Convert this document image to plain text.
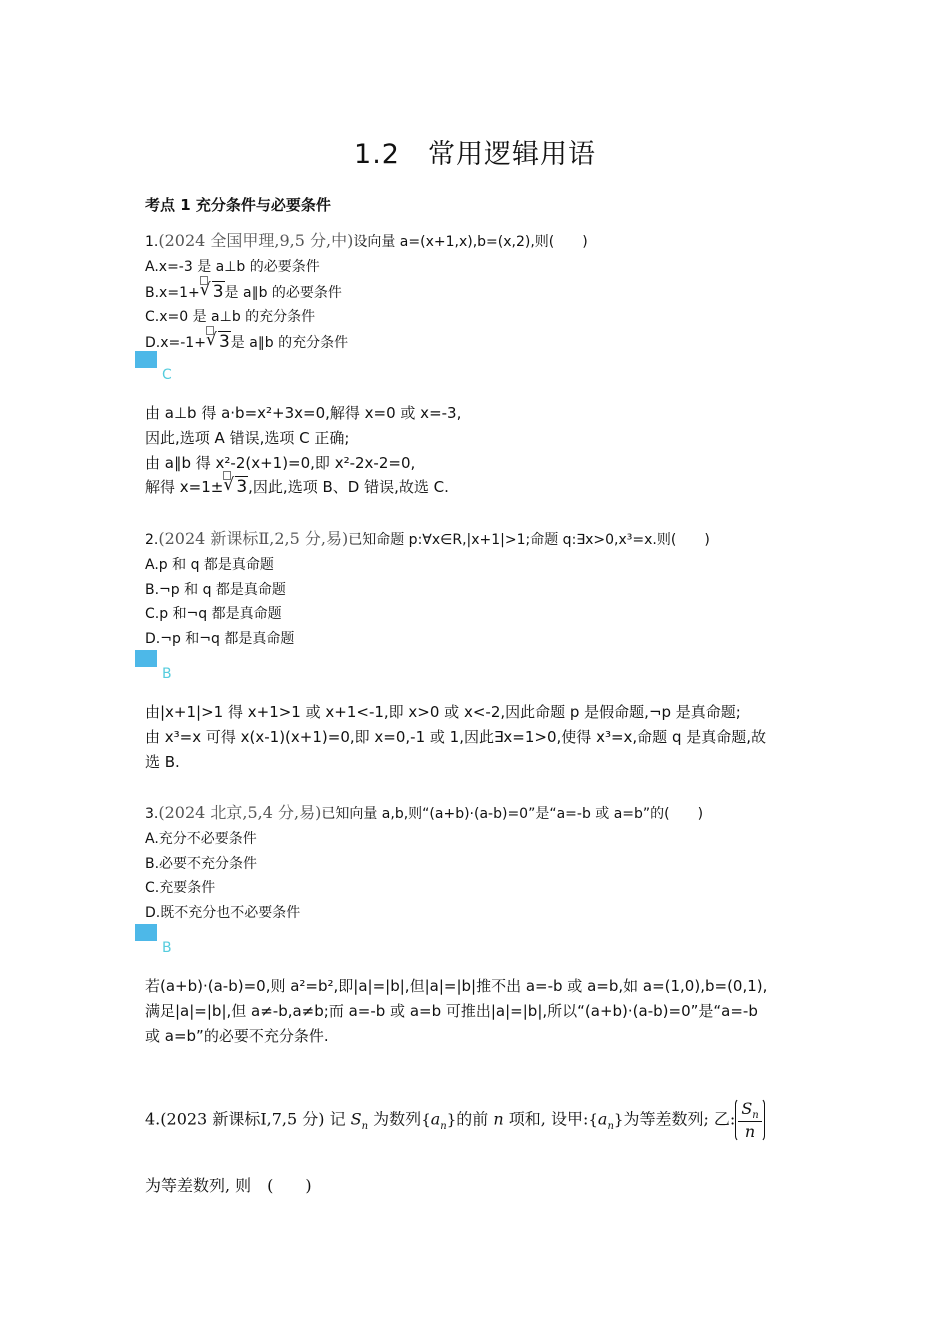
1.2　常用逻辑用语
考点 1 充分条件与必要条件
1.(2024 全国甲理,9,5 分,中)设向量 a=(x+1,x),b=(x,2),则(　　)
A.x=-3 是 a⊥b 的必要条件
B.x=1+ √ 3是 a∥b 的必要条件
C.x=0 是 a⊥b 的充分条件
D.x=-1+ √ 3是 a∥b 的充分条件
C
由 a⊥b 得 a·b=x²+3x=0,解得 x=0 或 x=-3,
因此,选项 A 错误,选项 C 正确;
由 a∥b 得 x²-2(x+1)=0,即 x²-2x-2=0,
解得 x=1± √ 3,因此,选项 B、D 错误,故选 C.
2.(2024 新课标Ⅱ,2,5 分,易)已知命题 p:∀x∈R,|x+1|>1;命题 q:∃x>0,x³=x.则(　　)
A.p 和 q 都是真命题
B.¬p 和 q 都是真命题
C.p 和¬q 都是真命题
D.¬p 和¬q 都是真命题
B
由|x+1|>1 得 x+1>1 或 x+1<-1,即 x>0 或 x<-2,因此命题 p 是假命题,¬p 是真命题;
由 x³=x 可得 x(x-1)(x+1)=0,即 x=0,-1 或 1,因此∃x=1>0,使得 x³=x,命题 q 是真命题,故
选 B.
3.(2024 北京,5,4 分,易)已知向量 a,b,则“(a+b)·(a-b)=0”是“a=-b 或 a=b”的(　　)
A.充分不必要条件
B.必要不充分条件
C.充要条件
D.既不充分也不必要条件
B
若(a+b)·(a-b)=0,则 a²=b²,即|a|=|b|,但|a|=|b|推不出 a=-b 或 a=b,如 a=(1,0),b=(0,1),
满足|a|=|b|,但 a≠-b,a≠b;而 a=-b 或 a=b 可推出|a|=|b|,所以“(a+b)·(a-b)=0”是“a=-b
或 a=b”的必要不充分条件.
4.(2023 新课标Ⅰ,7,5 分) 记 $S_n$ 为数列$\{a_n\}$的前 n 项和, 设甲$:\{a_n\}$为等差数列; 乙: $\frac{S_n}{n}$
为等差数列, 则　(　　)
